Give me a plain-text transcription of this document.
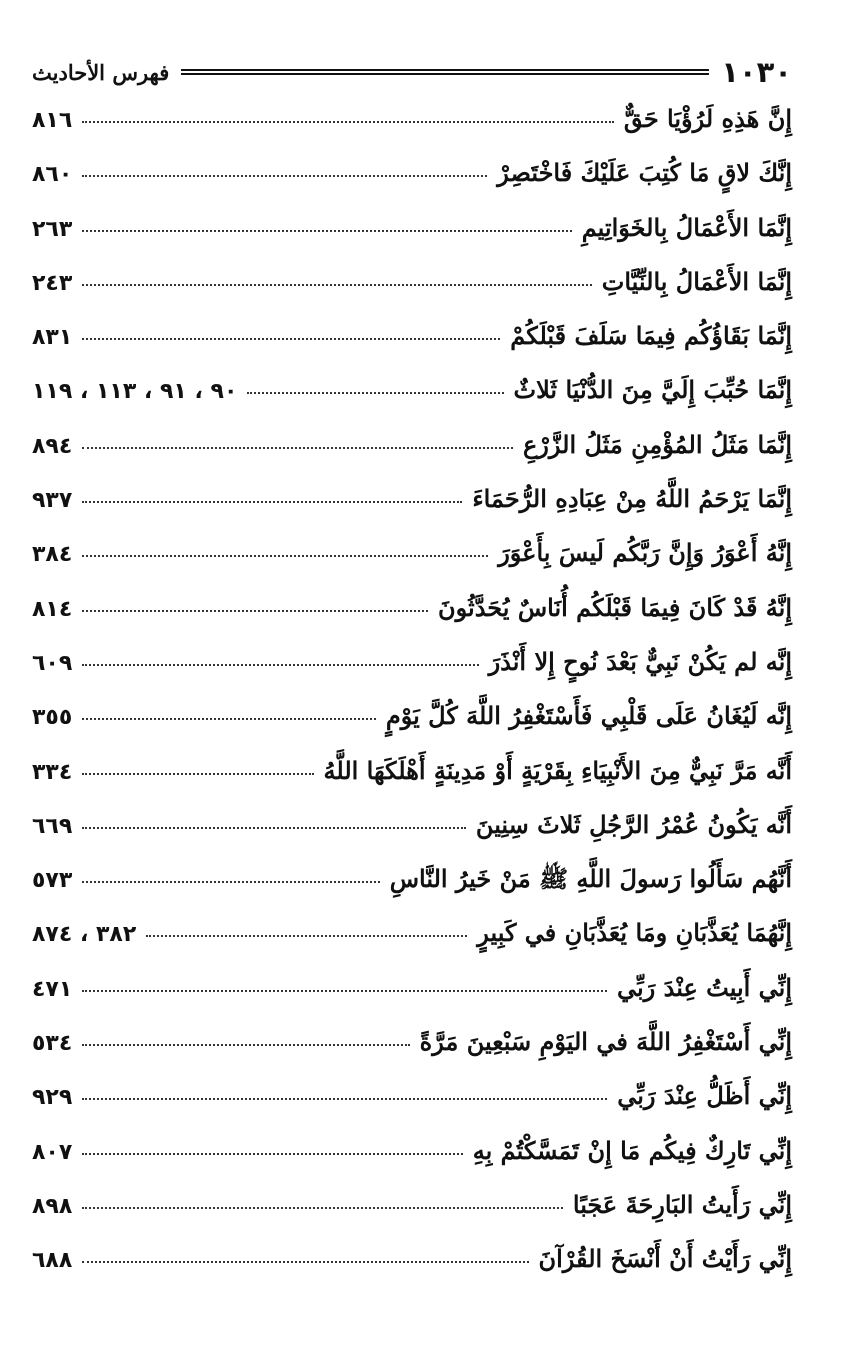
١٠٣٠
فهرس الأحاديث
إِنَّ هَذِهِ لَرُؤْيَا حَقٌّ
٨١٦
إِنَّكَ لاقٍ مَا كُتِبَ عَلَيْكَ فَاخْتَصِرْ
٨٦٠
إِنَّمَا الأَعْمَالُ بِالخَوَاتِيمِ
٢٦٣
إِنَّمَا الأَعْمَالُ بِالنِّيَّاتِ
٢٤٣
إِنَّمَا بَقَاؤُكُم فِيمَا سَلَفَ قَبْلَكُمْ
٨٣١
إِنَّمَا حُبِّبَ إِلَيَّ مِنَ الدُّنْيَا ثَلاثٌ
٩٠ ، ٩١ ، ١١٣ ، ١١٩
إِنَّمَا مَثَلُ المُؤْمِنِ مَثَلُ الزَّرْعِ
٨٩٤
إِنَّمَا يَرْحَمُ اللَّهُ مِنْ عِبَادِهِ الرُّحَمَاءَ
٩٣٧
إِنَّهُ أَعْوَرُ وَإِنَّ رَبَّكُم لَيسَ بِأَعْوَرَ
٣٨٤
إِنَّهُ قَدْ كَانَ فِيمَا قَبْلَكُم أُنَاسٌ يُحَدَّثُونَ
٨١٤
إِنَّه لم يَكُنْ نَبِيٌّ بَعْدَ نُوحٍ إِلا أَنْذَرَ
٦٠٩
إِنَّه لَيُغَانُ عَلَى قَلْبِي فَأَسْتَغْفِرُ اللَّهَ كُلَّ يَوْمٍ
٣٥٥
أَنَّه مَرَّ نَبِيٌّ مِنَ الأَنْبِيَاءِ بِقَرْيَةٍ أَوْ مَدِينَةٍ أَهْلَكَهَا اللَّهُ
٣٣٤
أَنَّه يَكُونُ عُمْرُ الرَّجُلِ ثَلاثَ سِنِينَ
٦٦٩
أَنَّهُم سَأَلُوا رَسولَ اللَّهِ ﷺ مَنْ خَيرُ النَّاسِ
٥٧٣
إِنَّهُمَا يُعَذَّبَانِ ومَا يُعَذَّبَانِ في كَبِيرٍ
٣٨٢ ، ٨٧٤
إِنِّي أَبِيتُ عِنْدَ رَبِّي
٤٧١
إِنِّي أَسْتَغْفِرُ اللَّهَ في اليَوْمِ سَبْعِينَ مَرَّةً
٥٣٤
إِنِّي أَظَلُّ عِنْدَ رَبِّي
٩٢٩
إِنِّي تَارِكٌ فِيكُم مَا إِنْ تَمَسَّكْتُمْ بِهِ
٨٠٧
إِنِّي رَأَيتُ البَارِحَةَ عَجَبًا
٨٩٨
إِنِّي رَأَيْتُ أَنْ أَنْسَخَ القُرْآنَ
٦٨٨
